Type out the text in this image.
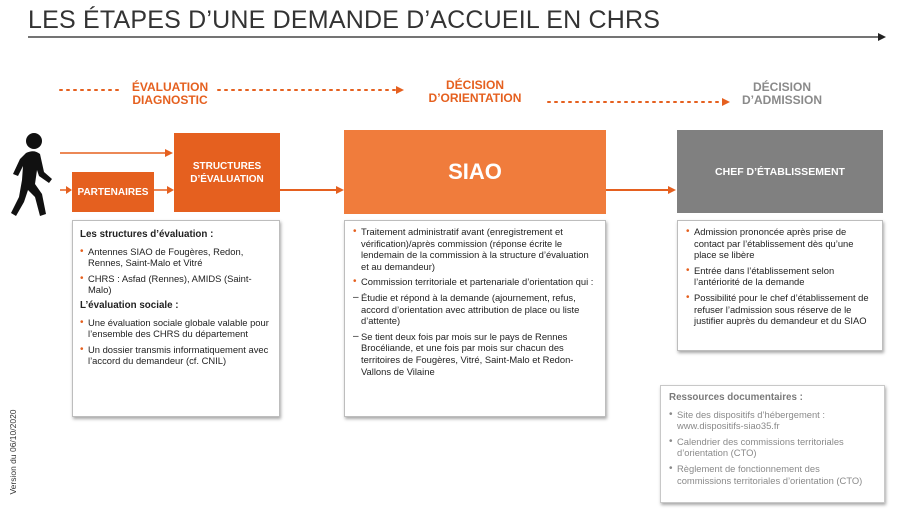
LES ÉTAPES D’UNE DEMANDE D’ACCUEIL EN CHRS
ÉVALUATION
DIAGNOSTIC
DÉCISION
D’ORIENTATION
DÉCISION
D’ADMISSION
PARTENAIRES
STRUCTURES
D’ÉVALUATION	SIAO	CHEF D’ÉTABLISSEMENT
Les structures d’évaluation :
• Antennes SIAO de Fougères, Redon, Rennes, Saint-Malo et Vitré
• CHRS : Asfad (Rennes), AMIDS (Saint-Malo)
L’évaluation sociale :
• Une évaluation sociale globale valable pour l’ensemble des CHRS du département
• Un dossier transmis informatiquement avec l’accord du demandeur (cf. CNIL)
• Traitement administratif avant (enregistrement et vérification)/après commission (réponse écrite le lendemain de la commission à la structure d’évaluation et au demandeur)
• Commission territoriale et partenariale d’orientation qui :
– Étudie et répond à la demande (ajournement, refus, accord d’orientation avec attribution de place ou liste d’attente)
– Se tient deux fois par mois sur le pays de Rennes Brocéliande, et une fois par mois sur chacun des territoires de Fougères, Vitré, Saint-Malo et Redon- Vallons de Vilaine
• Admission prononcée après prise de contact par l’établissement dès qu’une place se libère
• Entrée dans l’établissement selon l’antériorité de la demande
• Possibilité pour le chef d’établissement de refuser l’admission sous réserve de le justifier auprès du demandeur et du SIAO
Ressources documentaires :
• Site des dispositifs d’hébergement : www.dispositifs-siao35.fr
• Calendrier des commissions territoriales d’orientation (CTO)
• Règlement de fonctionnement des commissions territoriales d’orientation (CTO)
Version du 06/10/2020
